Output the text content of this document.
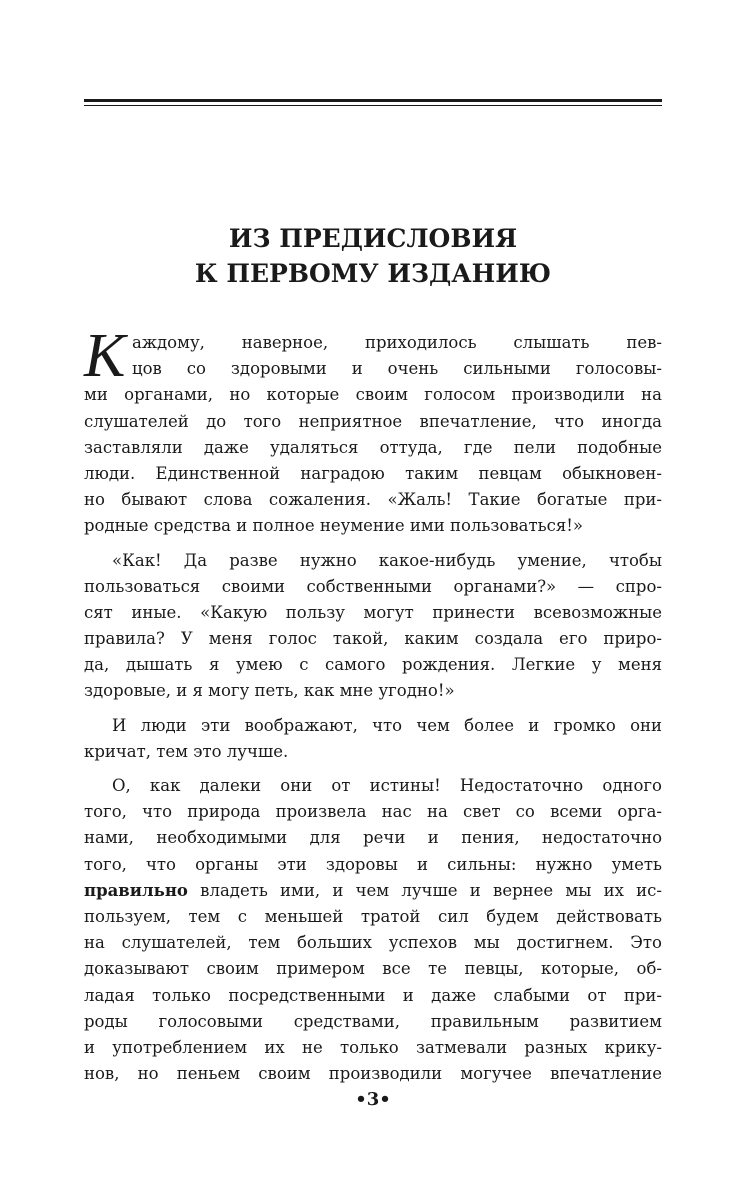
ИЗ ПРЕДИСЛОВИЯ
К ПЕРВОМУ ИЗДАНИЮ
К аждому, наверное, приходилось слышать пев-
цов со здоровыми и очень сильными голосовы-
ми органами, но которые своим голосом производили на
слушателей до того неприятное впечатление, что иногда
заставляли даже удаляться оттуда, где пели подобные
люди. Единственной наградою таким певцам обыкновен-
но бывают слова сожаления. «Жаль! Такие богатые при-
родные средства и полное неумение ими пользоваться!»
«Как! Да разве нужно какое-нибудь умение, чтобы
пользоваться своими собственными органами?» — спро-
сят иные. «Какую пользу могут принести всевозможные
правила? У меня голос такой, каким создала его приро-
да, дышать я умею с самого рождения. Легкие у меня
здоровые, и я могу петь, как мне угодно!»
И люди эти воображают, что чем более и громко они
кричат, тем это лучше.
О, как далеки они от истины! Недостаточно одного
того, что природа произвела нас на свет со всеми орга-
нами, необходимыми для речи и пения, недостаточно
того, что органы эти здоровы и сильны: нужно уметь
правильно владеть ими, и чем лучше и вернее мы их ис-
пользуем, тем с меньшей тратой сил будем действовать
на слушателей, тем больших успехов мы достигнем. Это
доказывают своим примером все те певцы, которые, об-
ладая только посредственными и даже слабыми от при-
роды голосовыми средствами, правильным развитием
и употреблением их не только затмевали разных крику-
нов, но пеньем своим производили могучее впечатление
•3•
